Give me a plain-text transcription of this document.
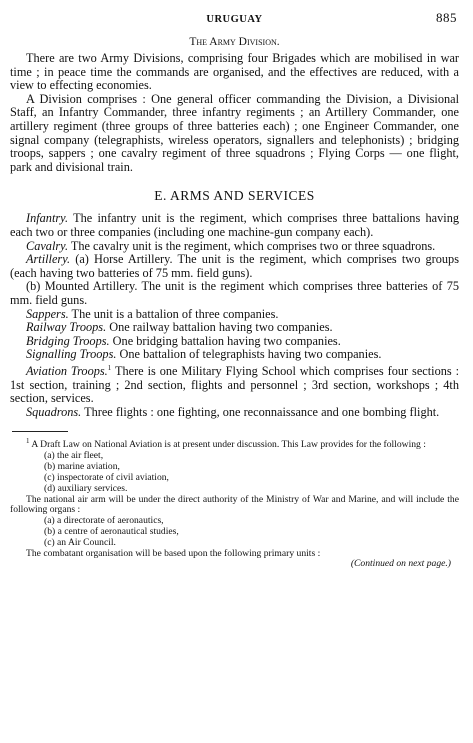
URUGUAY	885
The Army Division.

There are two Army Divisions, comprising four Brigades which are mobilised in war time ; in peace time the commands are organised, and the effectives are reduced, with a view to effecting economies.

A Division comprises : One general officer commanding the Division, a Divisional Staff, an Infantry Commander, three infantry regiments ; an Artillery Commander, one artillery regiment (three groups of three batteries each) ; one Engineer Commander, one signal company (telegraphists, wireless operators, signallers and telephonists) ; bridging troops, sappers ; one cavalry regiment of three squadrons ; Flying Corps — one flight, park and divisional train.

E. ARMS AND SERVICES

Infantry. The infantry unit is the regiment, which comprises three battalions having each two or three companies (including one machine-gun company each).

Cavalry. The cavalry unit is the regiment, which comprises two or three squadrons.

Artillery. (a) Horse Artillery. The unit is the regiment, which comprises two groups (each having two batteries of 75 mm. field guns).

(b) Mounted Artillery. The unit is the regiment which comprises three batteries of 75 mm. field guns.

Sappers. The unit is a battalion of three companies.

Railway Troops. One railway battalion having two companies.

Bridging Troops. One bridging battalion having two companies.

Signalling Troops. One battalion of telegraphists having two companies.

Aviation Troops.$^1$ There is one Military Flying School which comprises four sections : 1st section, training ; 2nd section, flights and personnel ; 3rd section, workshops ; 4th section, services.

Squadrons. Three flights : one fighting, one reconnaissance and one bombing flight.

$^1$ A Draft Law on National Aviation is at present under discussion. This Law provides for the following :

(a) the air fleet,

(b) marine aviation,

(c) inspectorate of civil aviation,

(d) auxiliary services.

The national air arm will be under the direct authority of the Ministry of War and Marine, and will include the following organs :

(a) a directorate of aeronautics,

(b) a centre of aeronautical studies,

(c) an Air Council.

The combatant organisation will be based upon the following primary units :

(Continued on next page.)
